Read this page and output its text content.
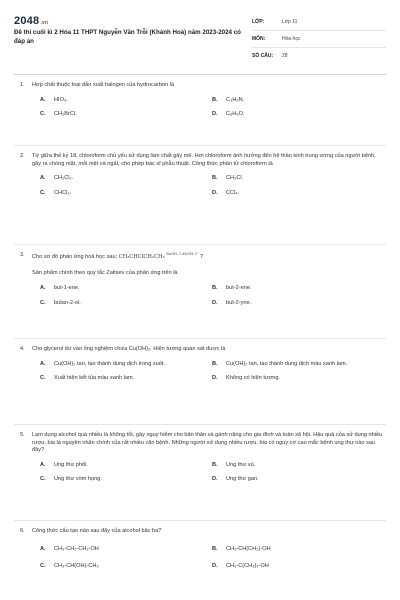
2048.vn
Đề thi cuối kì 2 Hóa 11 THPT Nguyễn Văn Trỗi (Khánh Hoà) năm 2023-2024 có đáp án
LỚP:	Lớp 11
MÔN:	Hóa học
SỐ CÂU:	28
1.	Hợp chất thuộc loại dẫn xuất halogen của hydrocarbon là
A.	HIO₄.	B.	C₃H₉N.
C.	CH₂BrCl.	D.	C₆H₆O.
2.	Từ giữa thế kỷ 18, chloroform chủ yếu sử dụng làm chất gây mê. Hơi chloroform ảnh hưởng đến hệ thần kinh trung ương của người bệnh, gây ra chóng mặt, mỏi mệt và ngất, cho phép bác sĩ phẫu thuật. Công thức phân tử chloroform là
A.	CH₂Cl₂.	B.	CH₃Cl.
C.	CHCl₃.	D.	CCl₄.
3.	Cho sơ đồ phản ứng hoá học sau: CH₃CHClCH₂CH₃ $^{NaOH, C_2H_5OH, t^\circ}$ ?
Sản phẩm chính theo quy tắc Zaitsev của phản ứng trên là
A.	but-1-ene.	B.	but-2-ene.
C.	butan-2-ol.	D.	but-2-yne.
4.	Cho glycerol dư vào ống nghiệm chứa Cu(OH)₂. Hiện tượng quan sát được là
A.	Cu(OH)₂ tan, tạo thành dung dịch trong suốt.	B.	Cu(OH)₂ tan, tạo thành dung dịch màu xanh lam.
C.	Xuất hiện kết tủa màu xanh lam.	D.	Không có hiện tượng.
5.	Lạm dụng alcohol quá nhiều là không tốt, gây nguy hiểm cho bản thân và gánh nặng cho gia đình và toàn xã hội. Hậu quả của sử dụng nhiều rượu, bia là nguyên nhân chính của rất nhiều căn bệnh. Những người sử dụng nhiều rượu, bia có nguy cơ cao mắc bệnh ung thư nào sau đây?
A.	Ung thư phổi.	B.	Ung thư vú.
C.	Ung thư vòm họng.	D.	Ung thư gan.
6.	Công thức cấu tạo nào sau đây của alcohol bậc ba?
A.	CH₃-CH₂-CH₂-OH	B.	CH₃-CH(CH₃)-OH
C.	CH₃-CH(OH)-CH₃	D.	CH₃-C(CH₃)₂-OH
